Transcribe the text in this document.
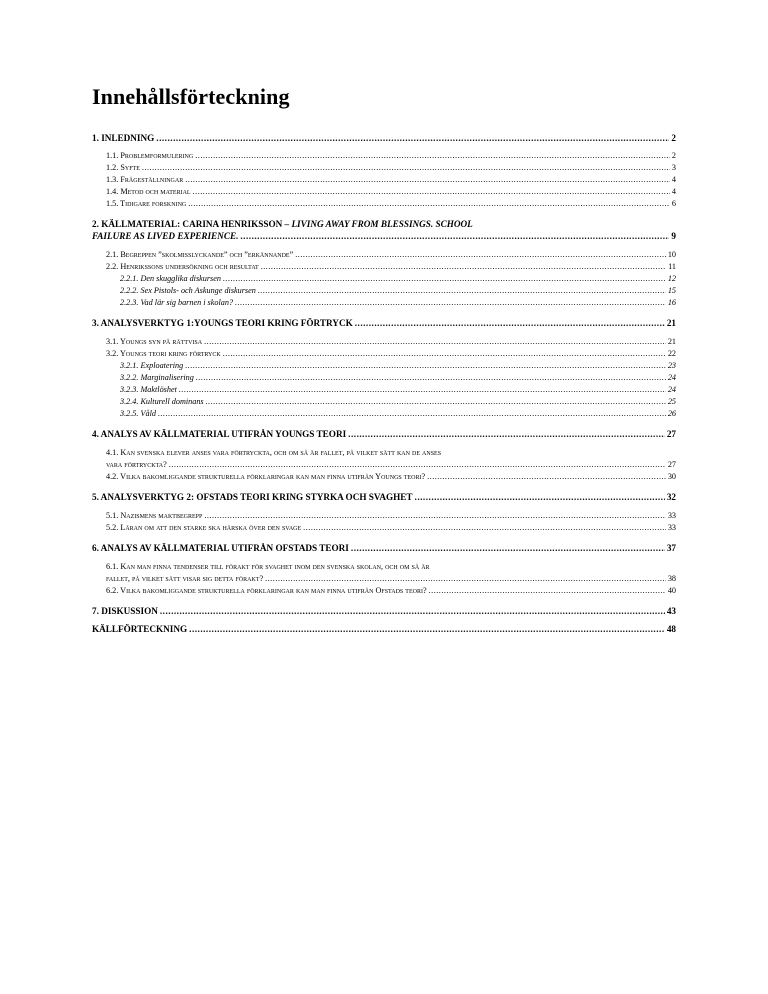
Innehållsförteckning
1. INLEDNING .....	2
1.1. Problemformulering .....	2
1.2. Syfte .....	3
1.3. Frågeställningar .....	4
1.4. Metod och material .....	4
1.5. Tidigare forskning .....	6
2. KÄLLMATERIAL: CARINA HENRIKSSON – LIVING AWAY FROM BLESSINGS. SCHOOL
FAILURE AS LIVED EXPERIENCE. .....	9
2.1. Begreppen ”skolmisslyckande” och ”erkännande” .....	10
2.2. Henrikssons undersökning och resultat .....	11
2.2.1. Den skugglika diskursen .....	12
2.2.2. Sex Pistols- och Askunge diskursen .....	15
2.2.3. Vad lär sig barnen i skolan? .....	16
3. ANALYSVERKTYG 1:YOUNGS TEORI KRING FÖRTRYCK .....	21
3.1. Youngs syn på rättvisa .....	21
3.2. Youngs teori kring förtryck .....	22
3.2.1. Exploatering .....	23
3.2.2. Marginalisering .....	24
3.2.3. Maktlöshet .....	24
3.2.4. Kulturell dominans .....	25
3.2.5. Våld .....	26
4. ANALYS AV KÄLLMATERIAL UTIFRÅN YOUNGS TEORI .....	27
4.1. Kan svenska elever anses vara förtryckta, och om så är fallet, på vilket sätt kan de anses
vara förtryckta? .....	27
4.2. Vilka bakomliggande strukturella förklaringar kan man finna utifrån Youngs teori? .....	30
5. ANALYSVERKTYG 2: OFSTADS TEORI KRING STYRKA OCH SVAGHET .....	32
5.1. Nazismens maktbegrepp .....	33
5.2. Läran om att den starke ska härska över den svage .....	33
6. ANALYS AV KÄLLMATERIAL UTIFRÅN OFSTADS TEORI .....	37
6.1. Kan man finna tendenser till förakt för svaghet inom den svenska skolan, och om så är
fallet, på vilket sätt visar sig detta förakt? .....	38
6.2. Vilka bakomliggande strukturella förklaringar kan man finna utifrån Ofstads teori? .....	40
7. DISKUSSION .....	43
KÄLLFÖRTECKNING .....	48
